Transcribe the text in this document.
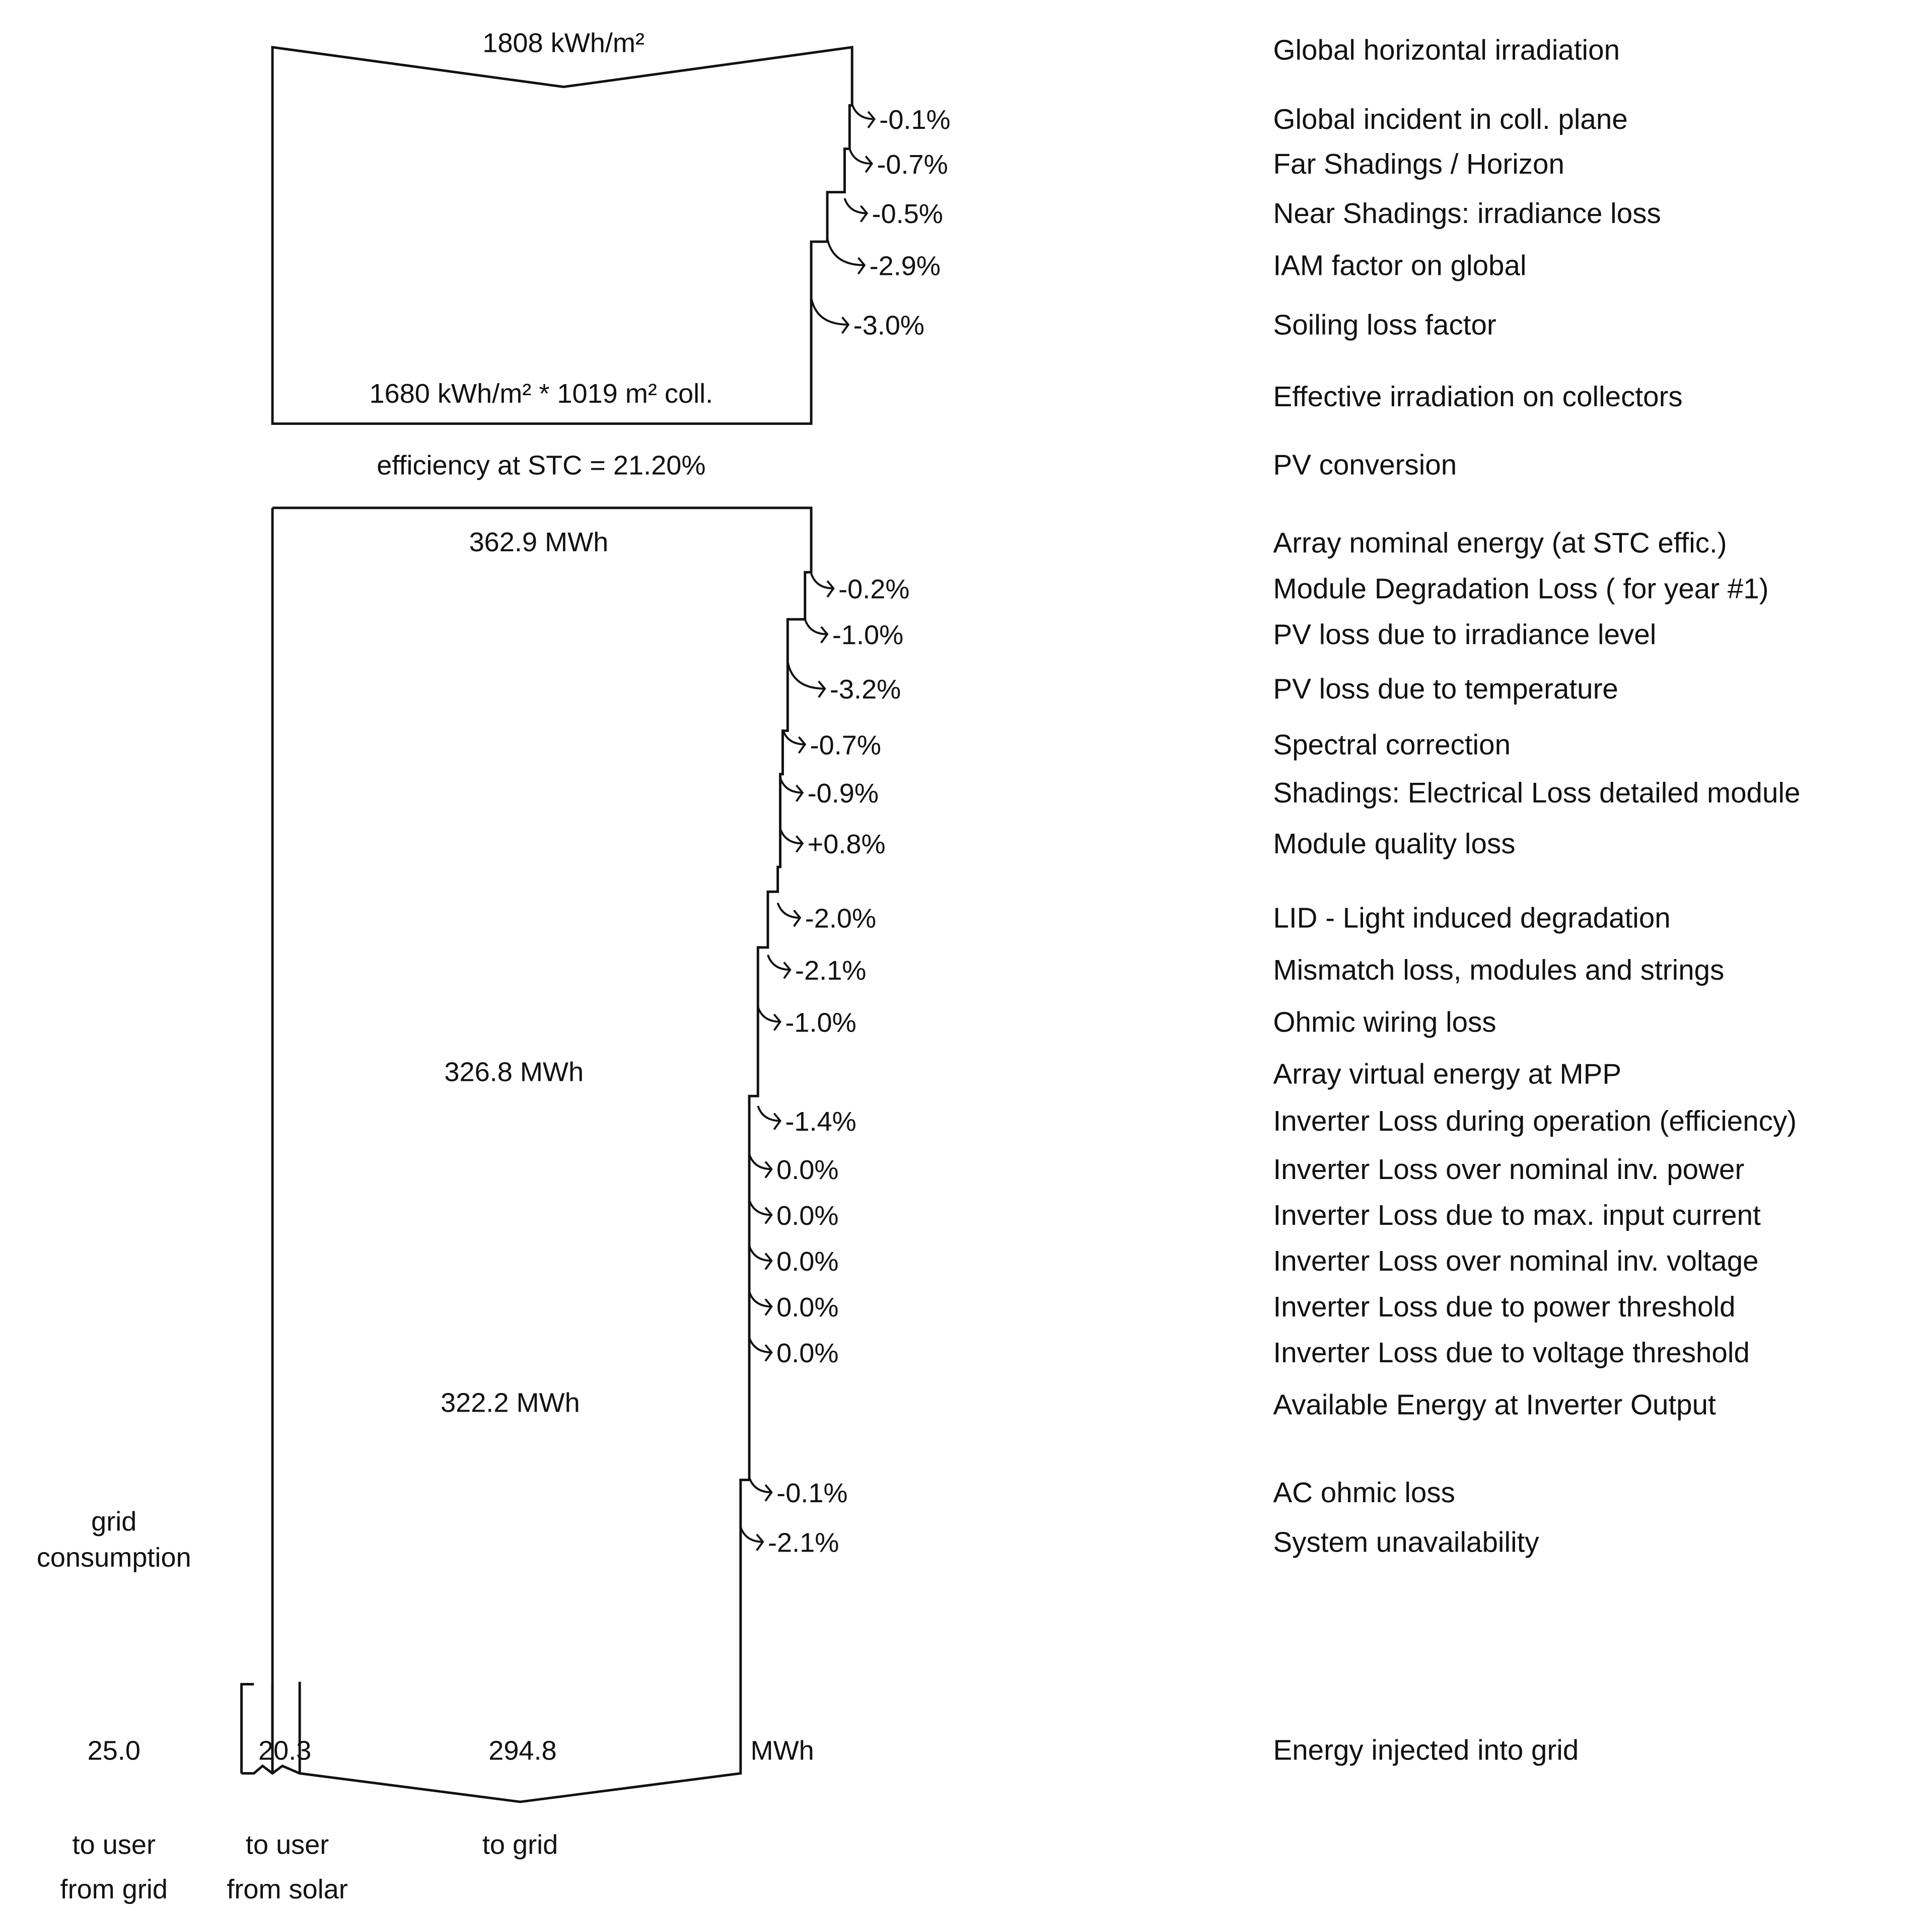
1808 kWh/m²
1680 kWh/m² * 1019 m² coll.
efficiency at STC = 21.20%
362.9 MWh
326.8 MWh
322.2 MWh
grid
consumption
25.0	20.3	294.8	MWh
to user
from grid
to user
from solar
to grid
Global horizontal irradiation
Global incident in coll. plane
-0.1%
Far Shadings / Horizon
-0.7%
Near Shadings: irradiance loss
-0.5%
IAM factor on global
-2.9%
Soiling loss factor
-3.0%
Effective irradiation on collectors
PV conversion
Array nominal energy (at STC effic.)
Module Degradation Loss ( for year #1)
-0.2%
PV loss due to irradiance level
-1.0%
PV loss due to temperature
-3.2%
Spectral correction
-0.7%
Shadings: Electrical Loss detailed module
-0.9%
Module quality loss
+0.8%
LID - Light induced degradation
-2.0%
Mismatch loss, modules and strings
-2.1%
Ohmic wiring loss
-1.0%
Array virtual energy at MPP
Inverter Loss during operation (efficiency)
-1.4%
Inverter Loss over nominal inv. power
0.0%
Inverter Loss due to max. input current
0.0%
Inverter Loss over nominal inv. voltage
0.0%
Inverter Loss due to power threshold
0.0%
Inverter Loss due to voltage threshold
0.0%
Available Energy at Inverter Output
AC ohmic loss
-0.1%
System unavailability
-2.1%
Energy injected into grid
